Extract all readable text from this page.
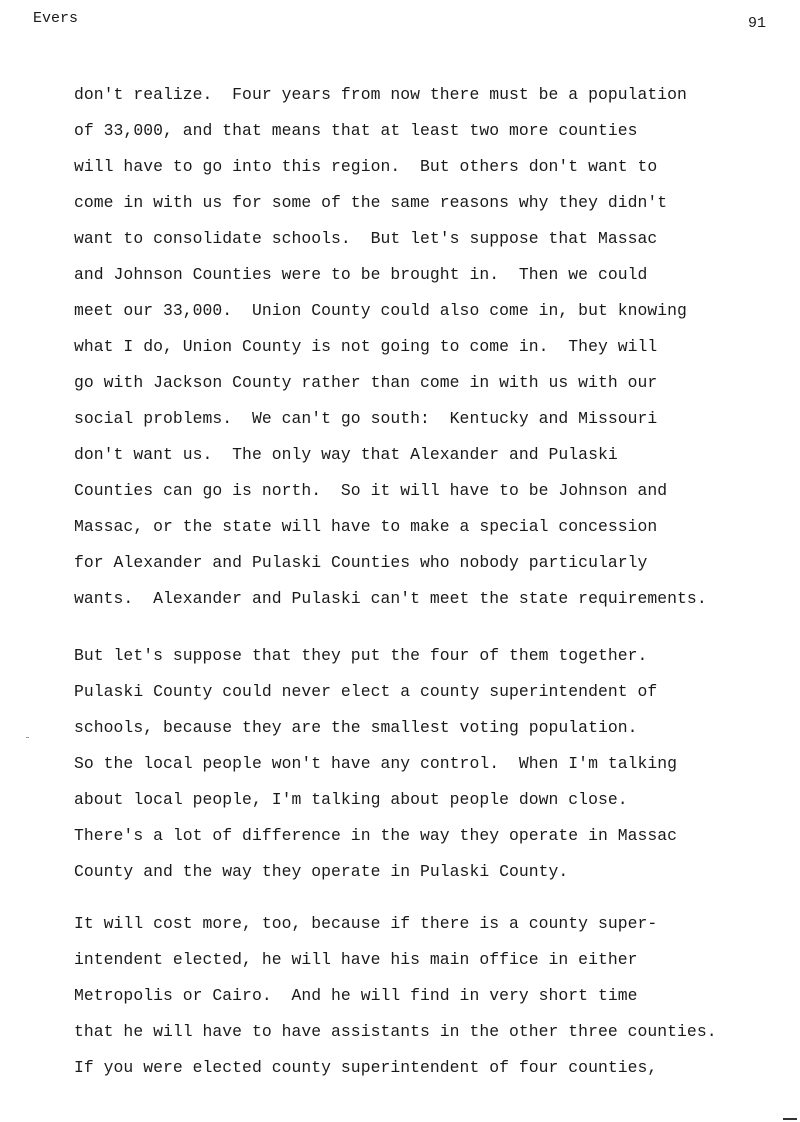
Evers	91
don't realize.  Four years from now there must be a population
of 33,000, and that means that at least two more counties
will have to go into this region.  But others don't want to
come in with us for some of the same reasons why they didn't
want to consolidate schools.  But let's suppose that Massac
and Johnson Counties were to be brought in.  Then we could
meet our 33,000.  Union County could also come in, but knowing
what I do, Union County is not going to come in.  They will
go with Jackson County rather than come in with us with our
social problems.  We can't go south:  Kentucky and Missouri
don't want us.  The only way that Alexander and Pulaski
Counties can go is north.  So it will have to be Johnson and
Massac, or the state will have to make a special concession
for Alexander and Pulaski Counties who nobody particularly
wants.  Alexander and Pulaski can't meet the state requirements.
But let's suppose that they put the four of them together.
Pulaski County could never elect a county superintendent of
schools, because they are the smallest voting population.
So the local people won't have any control.  When I'm talking
about local people, I'm talking about people down close.
There's a lot of difference in the way they operate in Massac
County and the way they operate in Pulaski County.
It will cost more, too, because if there is a county super-
intendent elected, he will have his main office in either
Metropolis or Cairo.  And he will find in very short time
that he will have to have assistants in the other three counties.
If you were elected county superintendent of four counties,
